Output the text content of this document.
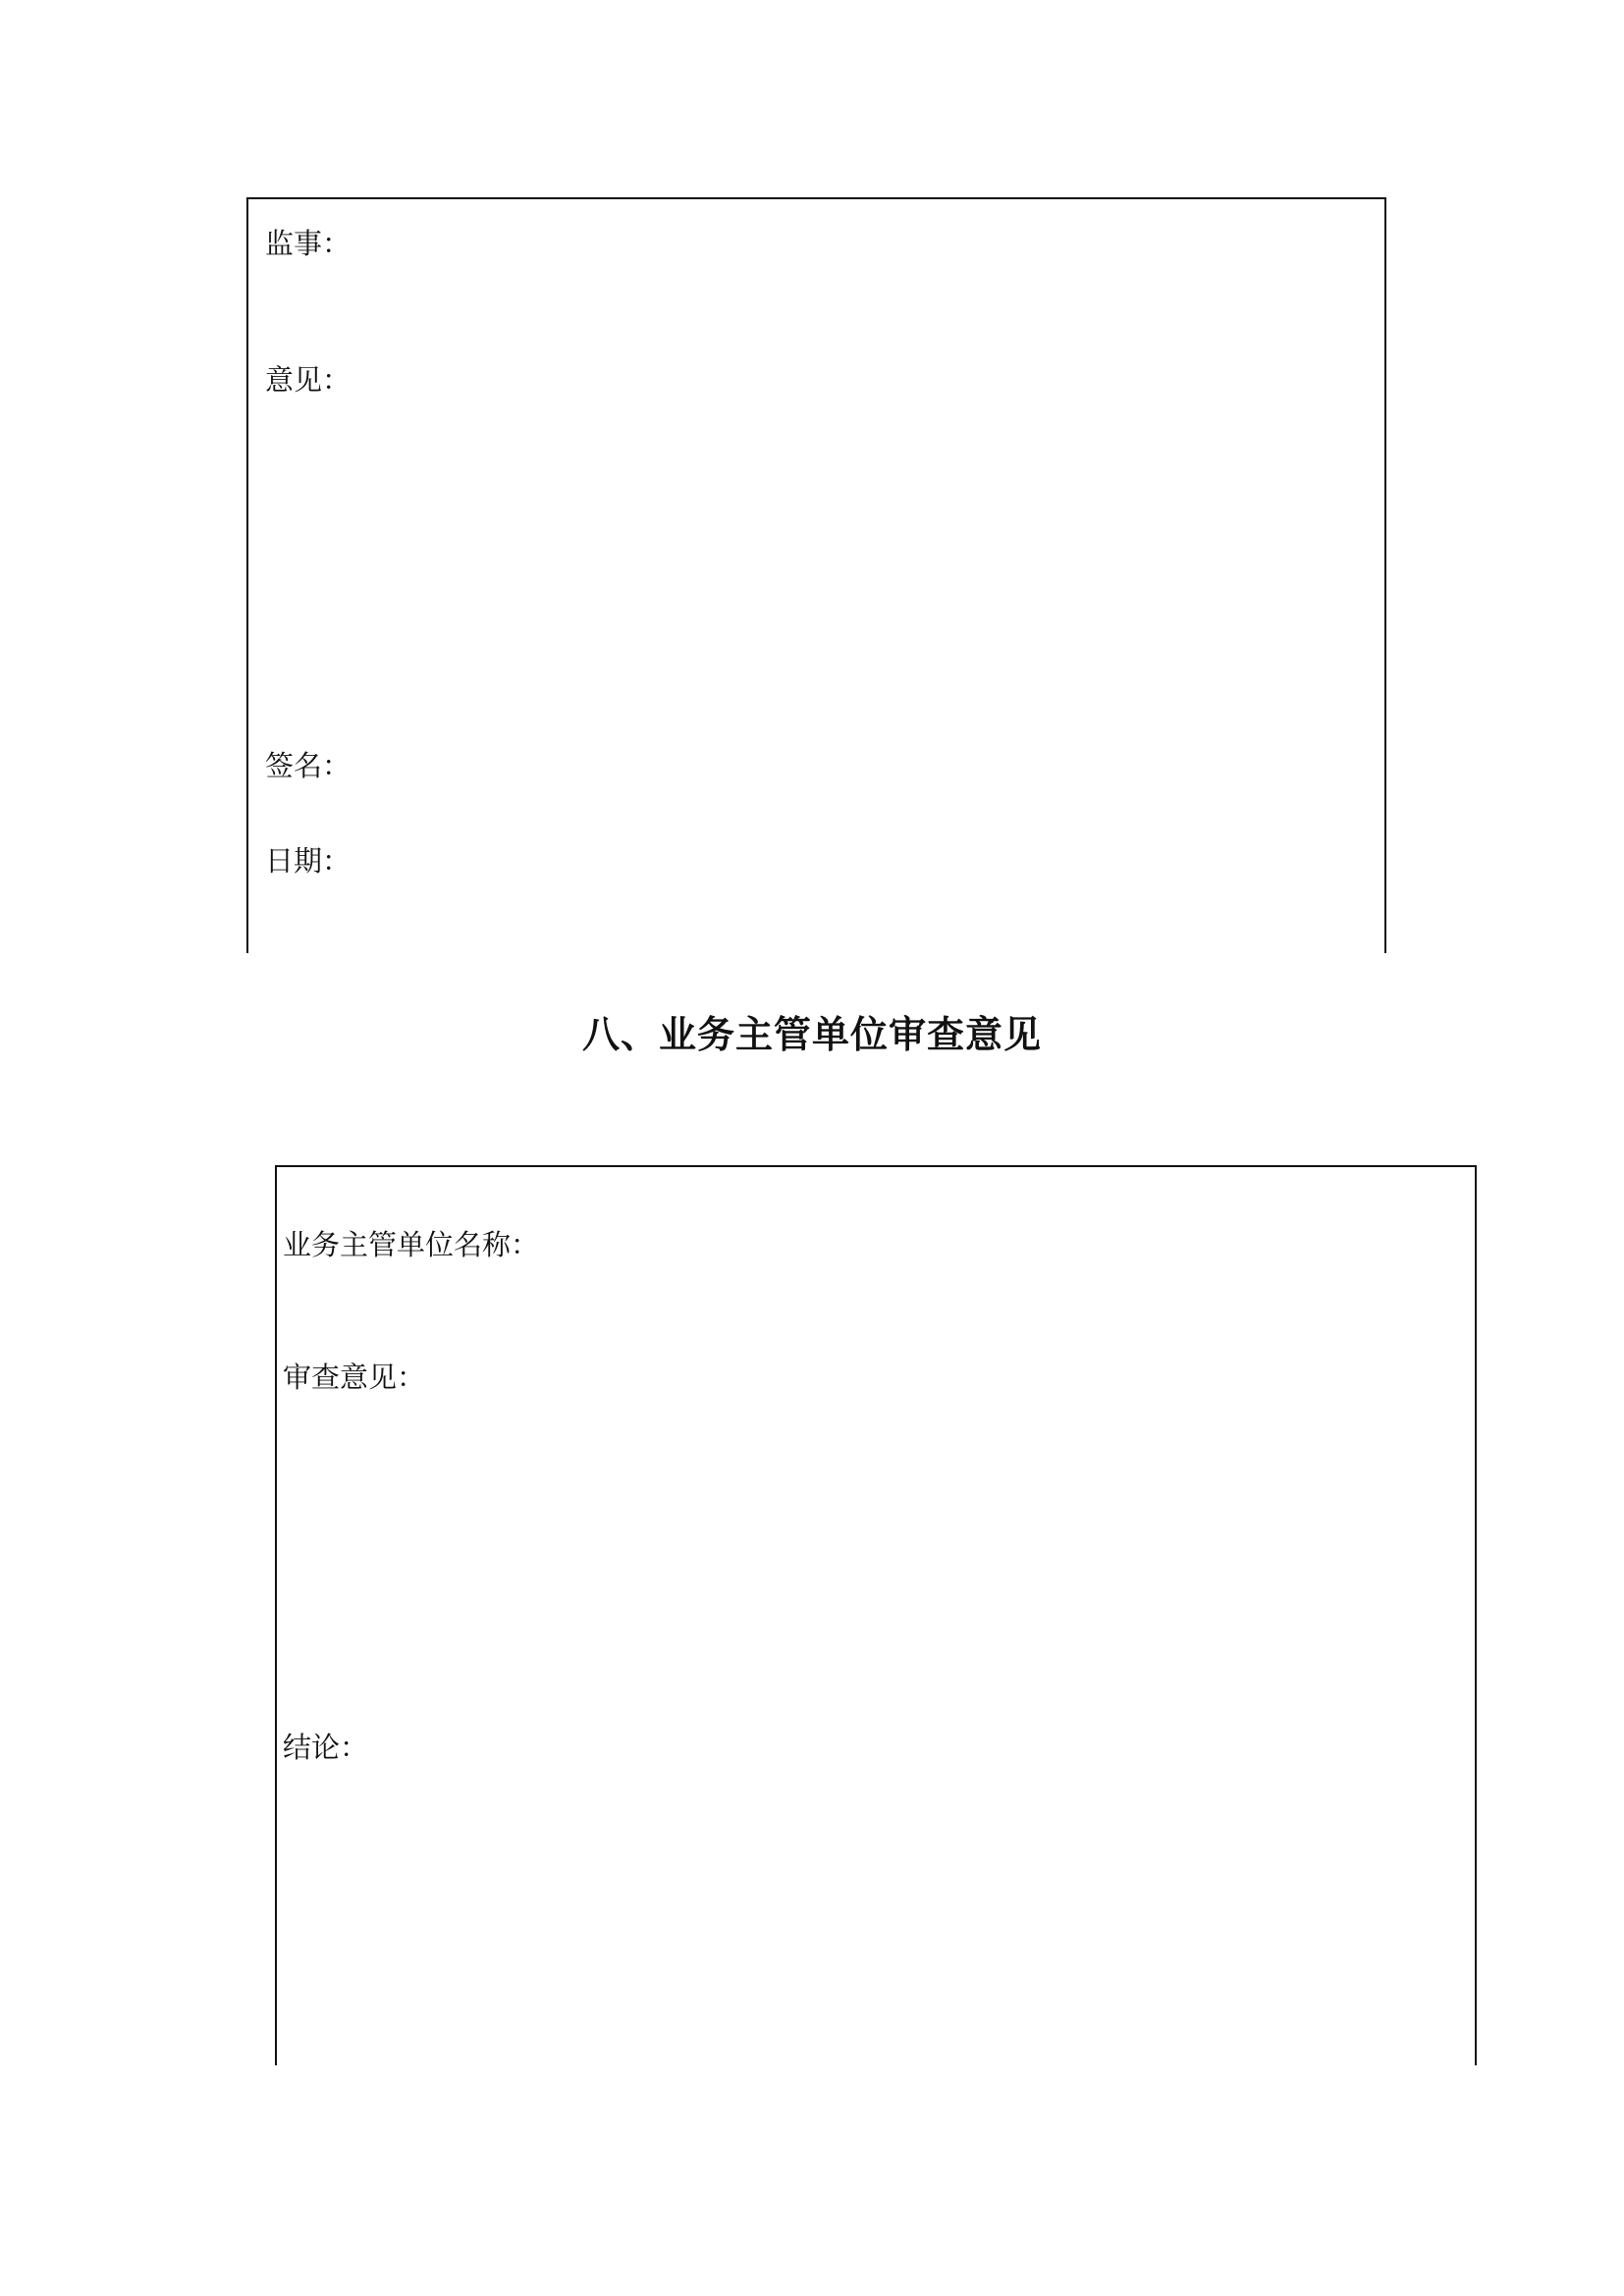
监事：
意见：
签名：
日期：
八、业务主管单位审查意见
业务主管单位名称：
审查意见：
结论：
